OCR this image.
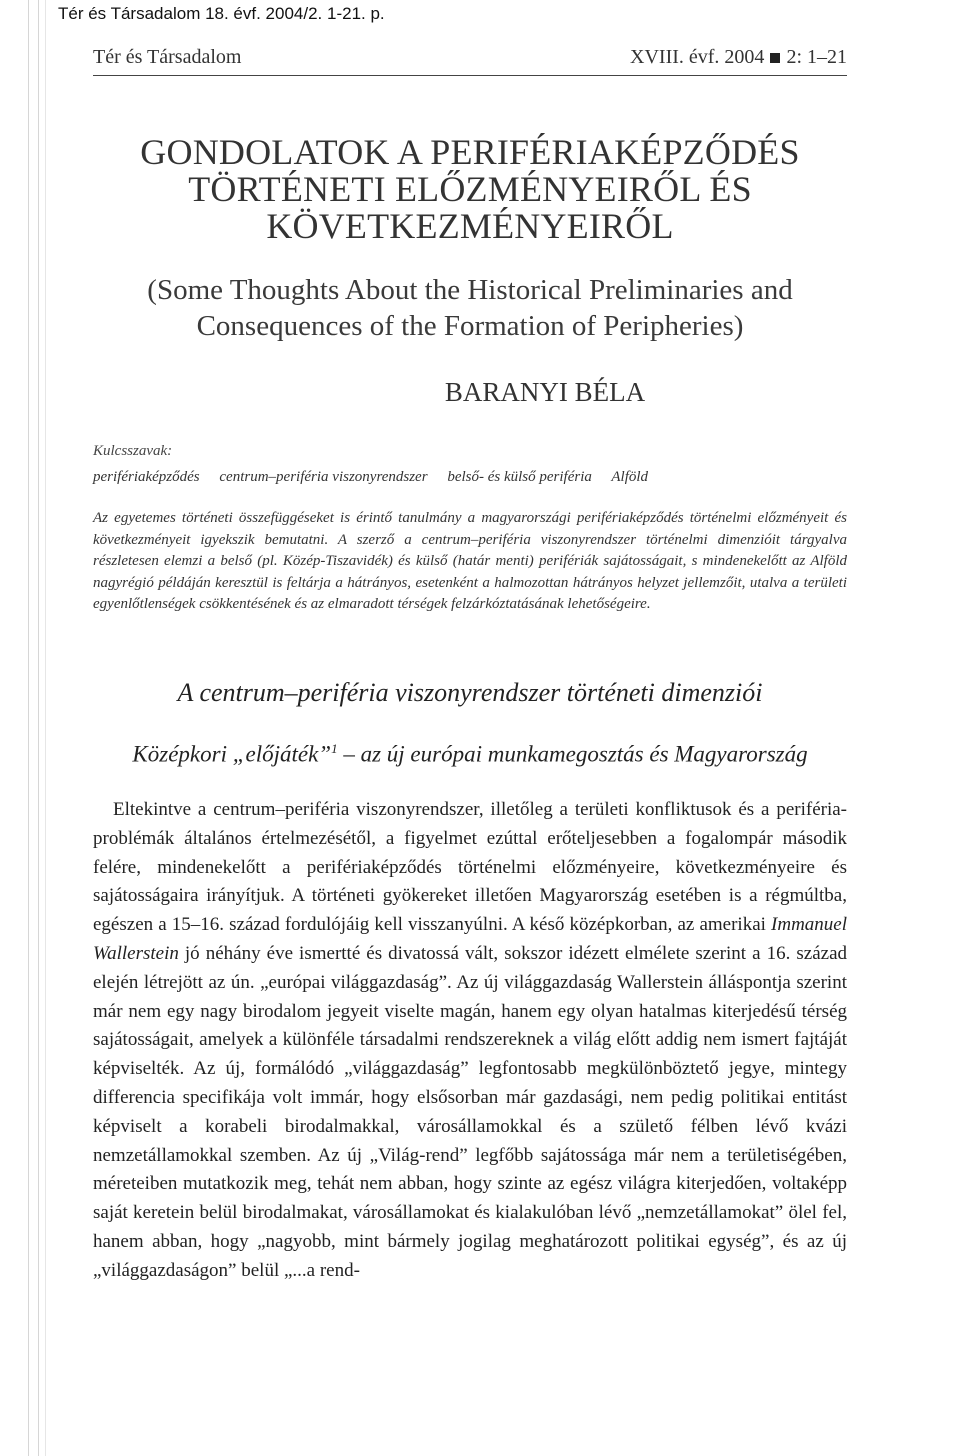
Tér és Társadalom 18. évf. 2004/2. 1-21. p.
Tér és Társadalom	XVIII. évf. 2004 2: 1–21
GONDOLATOK A PERIFÉRIAKÉPZŐDÉS
TÖRTÉNETI ELŐZMÉNYEIRŐL ÉS
KÖVETKEZMÉNYEIRŐL
(Some Thoughts About the Historical Preliminaries and
Consequences of the Formation of Peripheries)
BARANYI BÉLA
Kulcsszavak:
perifériaképződés centrum–periféria viszonyrendszer belső- és külső periféria Alföld
Az egyetemes történeti összefüggéseket is érintő tanulmány a magyarországi perifériaképződés történelmi előzményeit és következményeit igyekszik bemutatni. A szerző a centrum–periféria viszonyrendszer történelmi dimenzióit tárgyalva részletesen elemzi a belső (pl. Közép-Tiszavidék) és külső (határ menti) perifériák sajátosságait, s mindenekelőtt az Alföld nagyrégió példáján keresztül is feltárja a hátrányos, esetenként a halmozottan hátrányos helyzet jellemzőit, utalva a területi egyenlőtlenségek csökkentésének és az elmaradott térségek felzárkóztatásának lehetőségeire.
A centrum–periféria viszonyrendszer történeti dimenziói
Középkori „előjáték”$^1$ – az új európai munkamegosztás és Magyarország
Eltekintve a centrum–periféria viszonyrendszer, illetőleg a területi konfliktusok és a periféria-problémák általános értelmezésétől, a figyelmet ezúttal erőteljesebben a fogalompár második felére, mindenekelőtt a perifériaképződés történelmi előzményeire, következményeire és sajátosságaira irányítjuk. A történeti gyökereket illetően Magyarország esetében is a régmúltba, egészen a 15–16. század fordulójáig kell visszanyúlni. A késő középkorban, az amerikai Immanuel Wallerstein jó néhány éve ismertté és divatossá vált, sokszor idézett elmélete szerint a 16. század elején létrejött az ún. „európai világgazdaság”. Az új világgazdaság Wallerstein álláspontja szerint már nem egy nagy birodalom jegyeit viselte magán, hanem egy olyan hatalmas kiterjedésű térség sajátosságait, amelyek a különféle társadalmi rendszereknek a világ előtt addig nem ismert fajtáját képviselték. Az új, formálódó „világgazdaság” legfontosabb megkülönböztető jegye, mintegy differencia specifikája volt immár, hogy elsősorban már gazdasági, nem pedig politikai entitást képviselt a korabeli birodalmakkal, városállamokkal és a születő félben lévő kvázi nemzetállamokkal szemben. Az új „Világ-rend” legfőbb sajátossága már nem a területiségében, méreteiben mutatkozik meg, tehát nem abban, hogy szinte az egész világra kiterjedően, voltaképp saját keretein belül birodalmakat, városállamokat és kialakulóban lévő „nemzetállamokat” ölel fel, hanem abban, hogy „nagyobb, mint bármely jogilag meghatározott politikai egység”, és az új „világgazdaságon” belül „...a rend-
